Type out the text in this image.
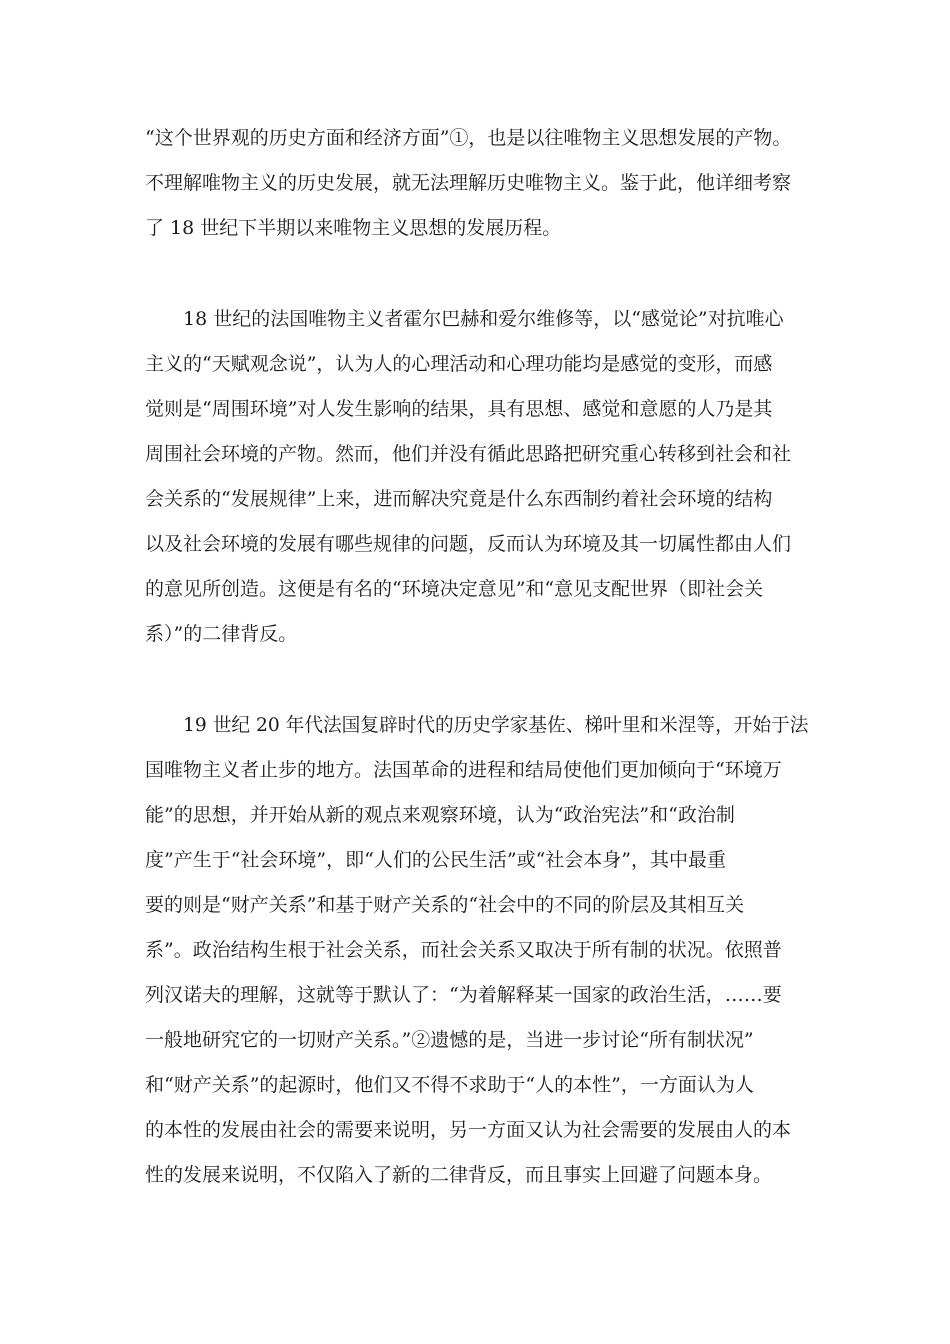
“这个世界观的历史方面和经济方面”①，也是以往唯物主义思想发展的产物。
不理解唯物主义的历史发展，就无法理解历史唯物主义。鉴于此，他详细考察
了 18 世纪下半期以来唯物主义思想的发展历程。
18 世纪的法国唯物主义者霍尔巴赫和爱尔维修等，以“感觉论”对抗唯心
主义的“天赋观念说”，认为人的心理活动和心理功能均是感觉的变形，而感
觉则是“周围环境”对人发生影响的结果，具有思想、感觉和意愿的人乃是其
周围社会环境的产物。然而，他们并没有循此思路把研究重心转移到社会和社
会关系的“发展规律”上来，进而解决究竟是什么东西制约着社会环境的结构
以及社会环境的发展有哪些规律的问题，反而认为环境及其一切属性都由人们
的意见所创造。这便是有名的“环境决定意见”和“意见支配世界（即社会关
系）”的二律背反。
19 世纪 20 年代法国复辟时代的历史学家基佐、梯叶里和米涅等，开始于法
国唯物主义者止步的地方。法国革命的进程和结局使他们更加倾向于“环境万
能”的思想，并开始从新的观点来观察环境，认为“政治宪法”和“政治制
度”产生于“社会环境”，即“人们的公民生活”或“社会本身”，其中最重
要的则是“财产关系”和基于财产关系的“社会中的不同的阶层及其相互关
系”。政治结构生根于社会关系，而社会关系又取决于所有制的状况。依照普
列汉诺夫的理解，这就等于默认了：“为着解释某一国家的政治生活，……要
一般地研究它的一切财产关系。”②遗憾的是，当进一步讨论“所有制状况”
和“财产关系”的起源时，他们又不得不求助于“人的本性”，一方面认为人
的本性的发展由社会的需要来说明，另一方面又认为社会需要的发展由人的本
性的发展来说明，不仅陷入了新的二律背反，而且事实上回避了问题本身。
